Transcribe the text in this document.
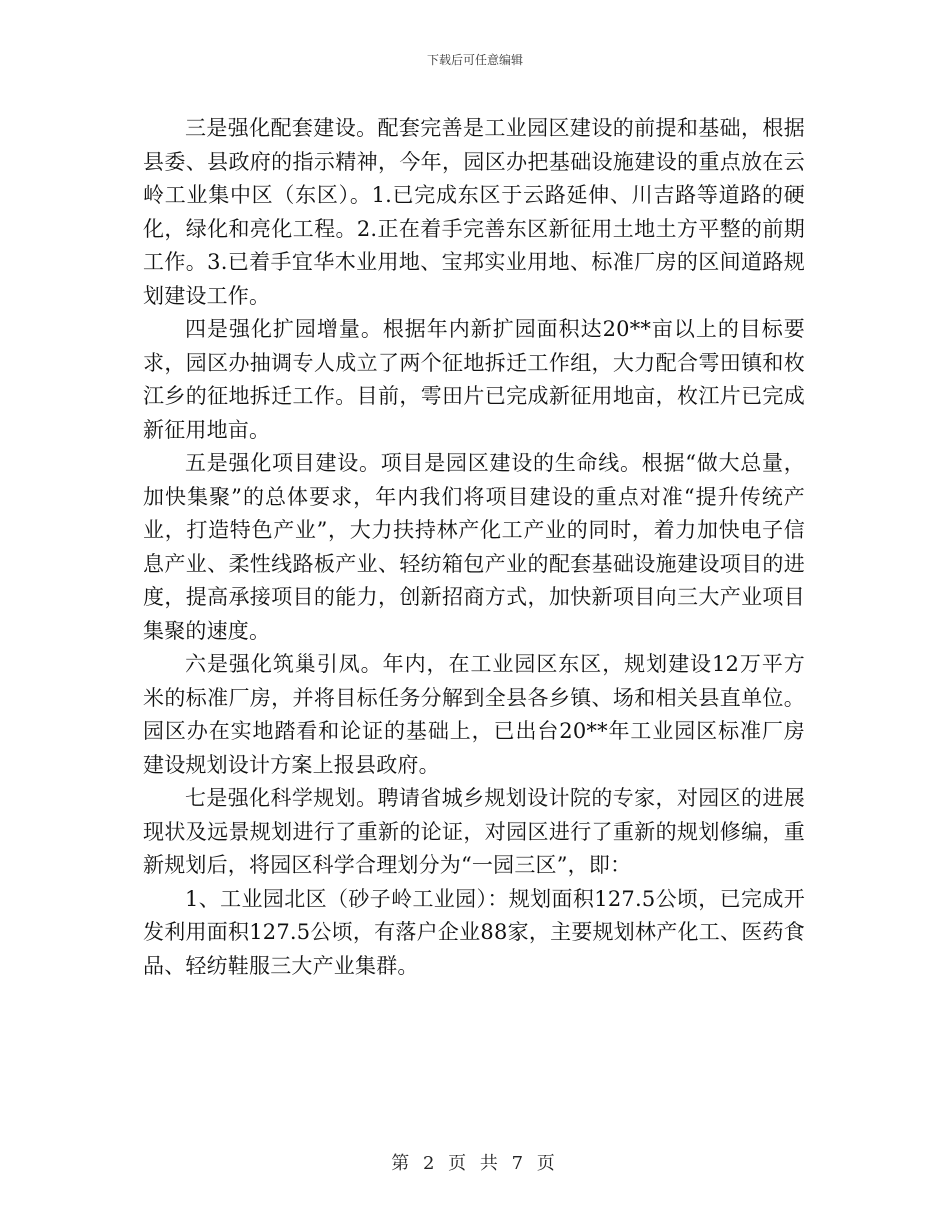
下载后可任意编辑

三是强化配套建设。配套完善是工业园区建设的前提和基础，根据县委、县政府的指示精神，今年，园区办把基础设施建设的重点放在云岭工业集中区（东区）。1.已完成东区于云路延伸、川吉路等道路的硬化，绿化和亮化工程。2.正在着手完善东区新征用土地土方平整的前期工作。3.已着手宜华木业用地、宝邦实业用地、标准厂房的区间道路规划建设工作。

四是强化扩园增量。根据年内新扩园面积达20**亩以上的目标要求，园区办抽调专人成立了两个征地拆迁工作组，大力配合雩田镇和枚江乡的征地拆迁工作。目前，雩田片已完成新征用地亩，枚江片已完成新征用地亩。

五是强化项目建设。项目是园区建设的生命线。根据“做大总量，加快集聚”的总体要求，年内我们将项目建设的重点对准“提升传统产业，打造特色产业”，大力扶持林产化工产业的同时，着力加快电子信息产业、柔性线路板产业、轻纺箱包产业的配套基础设施建设项目的进度，提高承接项目的能力，创新招商方式，加快新项目向三大产业项目集聚的速度。

六是强化筑巢引凤。年内，在工业园区东区，规划建设12万平方米的标准厂房，并将目标任务分解到全县各乡镇、场和相关县直单位。园区办在实地踏看和论证的基础上，已出台20**年工业园区标准厂房建设规划设计方案上报县政府。

七是强化科学规划。聘请省城乡规划设计院的专家，对园区的进展现状及远景规划进行了重新的论证，对园区进行了重新的规划修编，重新规划后，将园区科学合理划分为“一园三区”，即：

1、工业园北区（砂子岭工业园）：规划面积127.5公顷，已完成开发利用面积127.5公顷，有落户企业88家，主要规划林产化工、医药食品、轻纺鞋服三大产业集群。

第 2 页 共 7 页
